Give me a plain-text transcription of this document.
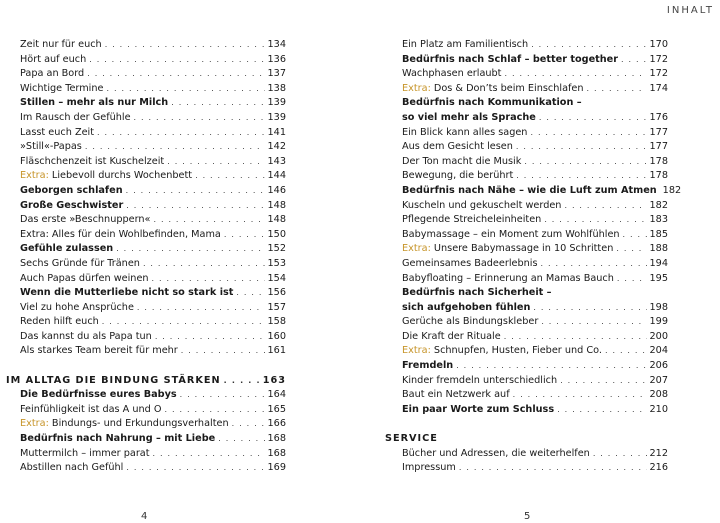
INHALT
Zeit nur für euch . . .	134
Hört auf euch . . .	136
Papa an Bord . . .	137
Wichtige Termine . . .	138
Stillen – mehr als nur Milch . . .	139
Im Rausch der Gefühle . . .	139
Lasst euch Zeit . . .	141
»Still«-Papas . . .	142
Fläschchenzeit ist Kuschelzeit . . .	143
Extra: Liebevoll durchs Wochenbett . . .	144
Geborgen schlafen . . .	146
Große Geschwister . . .	148
Das erste »Beschnuppern« . . .	148
Extra: Alles für dein Wohlbefinden, Mama . . .	150
Gefühle zulassen . . .	152
Sechs Gründe für Tränen . . .	153
Auch Papas dürfen weinen . . .	154
Wenn die Mutterliebe nicht so stark ist . . .	156
Viel zu hohe Ansprüche . . .	157
Reden hilft euch . . .	158
Das kannst du als Papa tun . . .	160
Als starkes Team bereit für mehr . . .	161
IM ALLTAG DIE BINDUNG STÄRKEN . . .	163
Die Bedürfnisse eures Babys . . .	164
Feinfühligkeit ist das A und O . . .	165
Extra: Bindungs- und Erkundungsverhalten . . .	166
Bedürfnis nach Nahrung – mit Liebe . . .	168
Muttermilch – immer parat . . .	168
Abstillen nach Gefühl . . .	169
Ein Platz am Familientisch . . .	170
Bedürfnis nach Schlaf – better together . . .	172
Wachphasen erlaubt . . .	172
Extra: Dos & Don’ts beim Einschlafen . . .	174
Bedürfnis nach Kommunikation –
so viel mehr als Sprache . . .	176
Ein Blick kann alles sagen . . .	177
Aus dem Gesicht lesen . . .	177
Der Ton macht die Musik . . .	178
Bewegung, die berührt . . .	178
Bedürfnis nach Nähe – wie die Luft zum Atmen 182
Kuscheln und gekuschelt werden . . .	182
Pflegende Streicheleinheiten . . .	183
Babymassage – ein Moment zum Wohlfühlen . . .	185
Extra: Unsere Babymassage in 10 Schritten . . .	188
Gemeinsames Badeerlebnis . . .	194
Babyfloating – Erinnerung an Mamas Bauch . . .	195
Bedürfnis nach Sicherheit –
sich aufgehoben fühlen . . .	198
Gerüche als Bindungskleber . . .	199
Die Kraft der Rituale . . .	200
Extra: Schnupfen, Husten, Fieber und Co. . . .	204
Fremdeln . . .	206
Kinder fremdeln unterschiedlich . . .	207
Baut ein Netzwerk auf . . .	208
Ein paar Worte zum Schluss . . .	210
SERVICE
Bücher und Adressen, die weiterhelfen . . .	212
Impressum . . .	216
4	5
